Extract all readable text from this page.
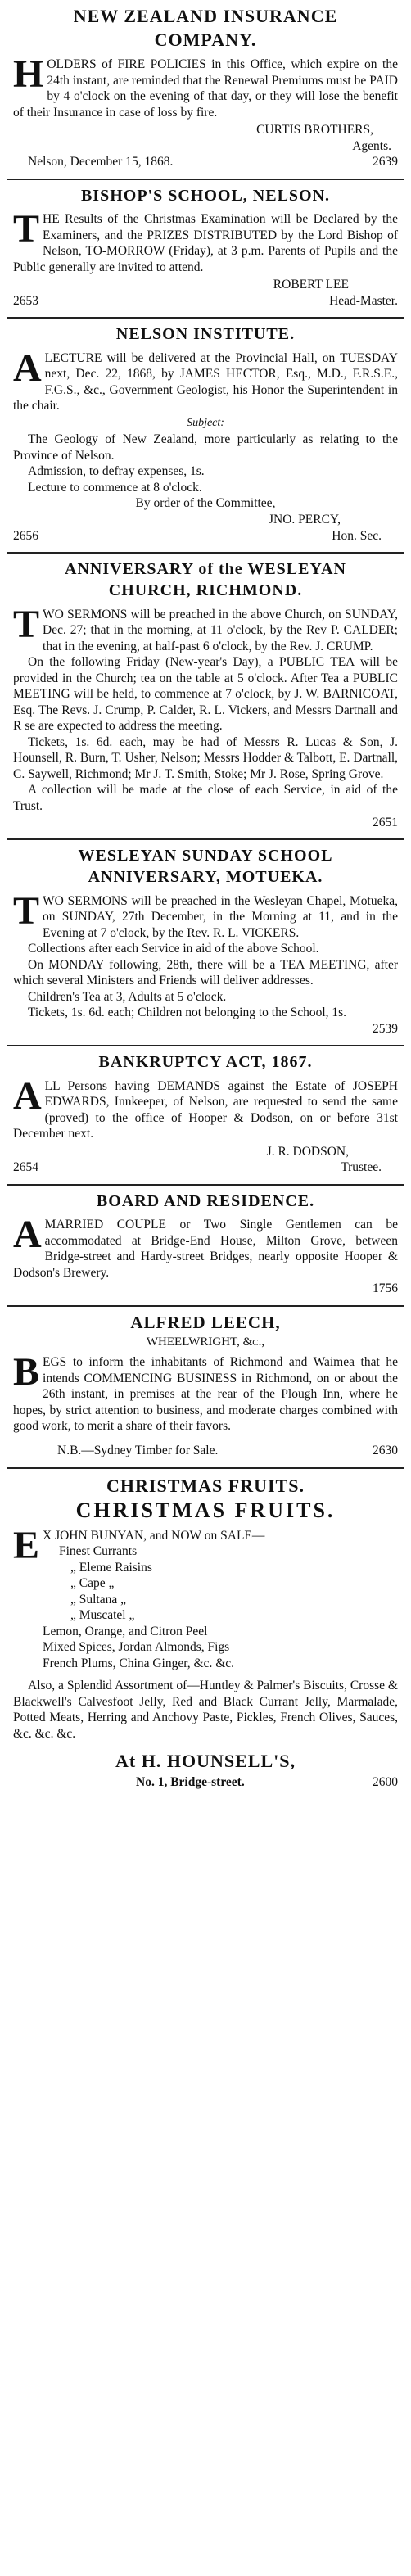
NEW ZEALAND INSURANCE
COMPANY.

HOLDERS of FIRE POLICIES in this Office, which expire on the 24th instant, are reminded that the Renewal Premiums must be PAID by 4 o'clock on the evening of that day, or they will lose the benefit of their Insurance in case of loss by fire.

CURTIS BROTHERS,
Agents.
Nelson, December 15, 1868.	2639
BISHOP'S SCHOOL, NELSON.

THE Results of the Christmas Examination will be Declared by the Examiners, and the PRIZES DISTRIBUTED by the Lord Bishop of Nelson, TO-MORROW (Friday), at 3 p.m. Parents of Pupils and the Public generally are invited to attend.

ROBERT LEE
2653	Head-Master.
NELSON INSTITUTE.

ALECTURE will be delivered at the Provincial Hall, on TUESDAY next, Dec. 22, 1868, by JAMES HECTOR, Esq., M.D., F.R.S.E., F.G.S., &c., Government Geologist, his Honor the Superintendent in the chair.

Subject:

The Geology of New Zealand, more particularly as relating to the Province of Nelson.

Admission, to defray expenses, 1s.

Lecture to commence at 8 o'clock.

By order of the Committee,
JNO. PERCY,
2656	Hon. Sec.
ANNIVERSARY of the WESLEYAN
CHURCH, RICHMOND.

TWO SERMONS will be preached in the above Church, on SUNDAY, Dec. 27; that in the morning, at 11 o'clock, by the Rev P. CALDER; that in the evening, at half-past 6 o'clock, by the Rev. J. CRUMP.

On the following Friday (New-year's Day), a PUBLIC TEA will be provided in the Church; tea on the table at 5 o'clock. After Tea a PUBLIC MEETING will be held, to commence at 7 o'clock, by J. W. BARNICOAT, Esq. The Revs. J. Crump, P. Calder, R. L. Vickers, and Messrs Dartnall and R se are expected to address the meeting.

Tickets, 1s. 6d. each, may be had of Messrs R. Lucas & Son, J. Hounsell, R. Burn, T. Usher, Nelson; Messrs Hodder & Talbott, E. Dartnall, C. Saywell, Richmond; Mr J. T. Smith, Stoke; Mr J. Rose, Spring Grove.

A collection will be made at the close of each Service, in aid of the Trust.

2651
WESLEYAN SUNDAY SCHOOL
ANNIVERSARY, MOTUEKA.

TWO SERMONS will be preached in the Wesleyan Chapel, Motueka, on SUNDAY, 27th December, in the Morning at 11, and in the Evening at 7 o'clock, by the Rev. R. L. VICKERS.

Collections after each Service in aid of the above School.

On MONDAY following, 28th, there will be a TEA MEETING, after which several Ministers and Friends will deliver addresses.

Children's Tea at 3, Adults at 5 o'clock.

Tickets, 1s. 6d. each; Children not belonging to the School, 1s.

2539
BANKRUPTCY ACT, 1867.

ALL Persons having DEMANDS against the Estate of JOSEPH EDWARDS, Innkeeper, of Nelson, are requested to send the same (proved) to the office of Hooper & Dodson, on or before 31st December next.

J. R. DODSON,
2654	Trustee.
BOARD AND RESIDENCE.

AMARRIED COUPLE or Two Single Gentlemen can be accommodated at Bridge-End House, Milton Grove, between Bridge-street and Hardy-street Bridges, nearly opposite Hooper & Dodson's Brewery.

1756
ALFRED LEECH,
WHEELWRIGHT, &c.,

BEGS to inform the inhabitants of Richmond and Waimea that he intends COMMENCING BUSINESS in Richmond, on or about the 26th instant, in premises at the rear of the Plough Inn, where he hopes, by strict attention to business, and moderate charges combined with good work, to merit a share of their favors.

N.B.—Sydney Timber for Sale.	2630
CHRISTMAS FRUITS.
CHRISTMAS FRUITS.

EX JOHN BUNYAN, and NOW on SALE—

Finest Currants
„ Eleme Raisins
„ Cape „
„ Sultana „
„ Muscatel „
Lemon, Orange, and Citron Peel
Mixed Spices, Jordan Almonds, Figs
French Plums, China Ginger, &c. &c.

Also, a Splendid Assortment of—Huntley & Palmer's Biscuits, Crosse & Blackwell's Calvesfoot Jelly, Red and Black Currant Jelly, Marmalade, Potted Meats, Herring and Anchovy Paste, Pickles, French Olives, Sauces, &c. &c. &c.

At H. HOUNSELL'S,
No. 1, Bridge-street.	2600
